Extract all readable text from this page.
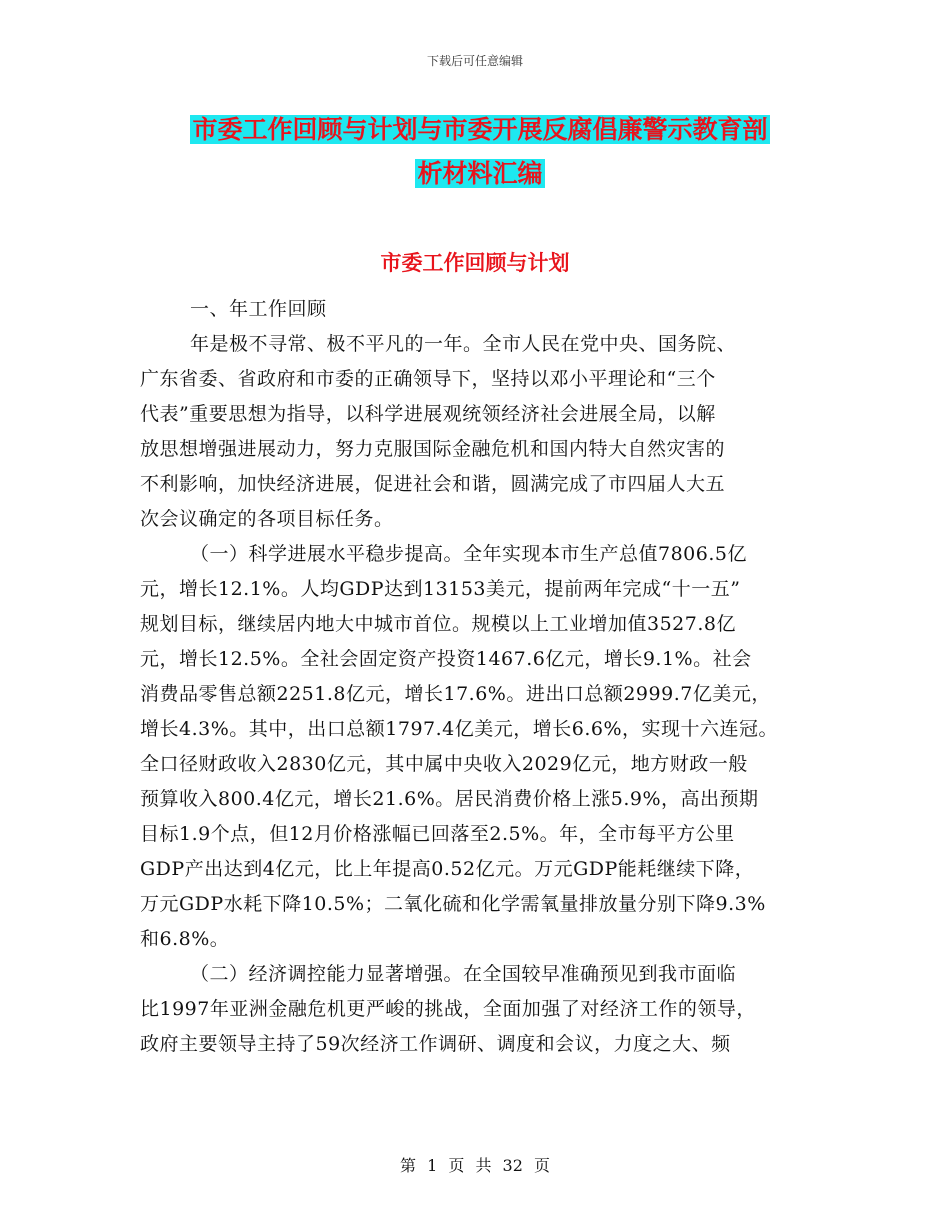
下载后可任意编辑
市委工作回顾与计划与市委开展反腐倡廉警示教育剖
析材料汇编
市委工作回顾与计划

一、年工作回顾

年是极不寻常、极不平凡的一年。全市人民在党中央、国务院、

广东省委、省政府和市委的正确领导下，坚持以邓小平理论和“三个

代表”重要思想为指导，以科学进展观统领经济社会进展全局，以解

放思想增强进展动力，努力克服国际金融危机和国内特大自然灾害的

不利影响，加快经济进展，促进社会和谐，圆满完成了市四届人大五

次会议确定的各项目标任务。

（一）科学进展水平稳步提高。全年实现本市生产总值7806.5亿

元，增长12.1%。人均GDP达到13153美元，提前两年完成“十一五”

规划目标，继续居内地大中城市首位。规模以上工业增加值3527.8亿

元，增长12.5%。全社会固定资产投资1467.6亿元，增长9.1%。社会

消费品零售总额2251.8亿元，增长17.6%。进出口总额2999.7亿美元，

增长4.3%。其中，出口总额1797.4亿美元，增长6.6%，实现十六连冠。

全口径财政收入2830亿元，其中属中央收入2029亿元，地方财政一般

预算收入800.4亿元，增长21.6%。居民消费价格上涨5.9%，高出预期

目标1.9个点，但12月价格涨幅已回落至2.5%。年，全市每平方公里

GDP产出达到4亿元，比上年提高0.52亿元。万元GDP能耗继续下降，

万元GDP水耗下降10.5%；二氧化硫和化学需氧量排放量分别下降9.3%

和6.8%。

（二）经济调控能力显著增强。在全国较早准确预见到我市面临

比1997年亚洲金融危机更严峻的挑战，全面加强了对经济工作的领导，

政府主要领导主持了59次经济工作调研、调度和会议，力度之大、频

第 1 页 共 32 页
